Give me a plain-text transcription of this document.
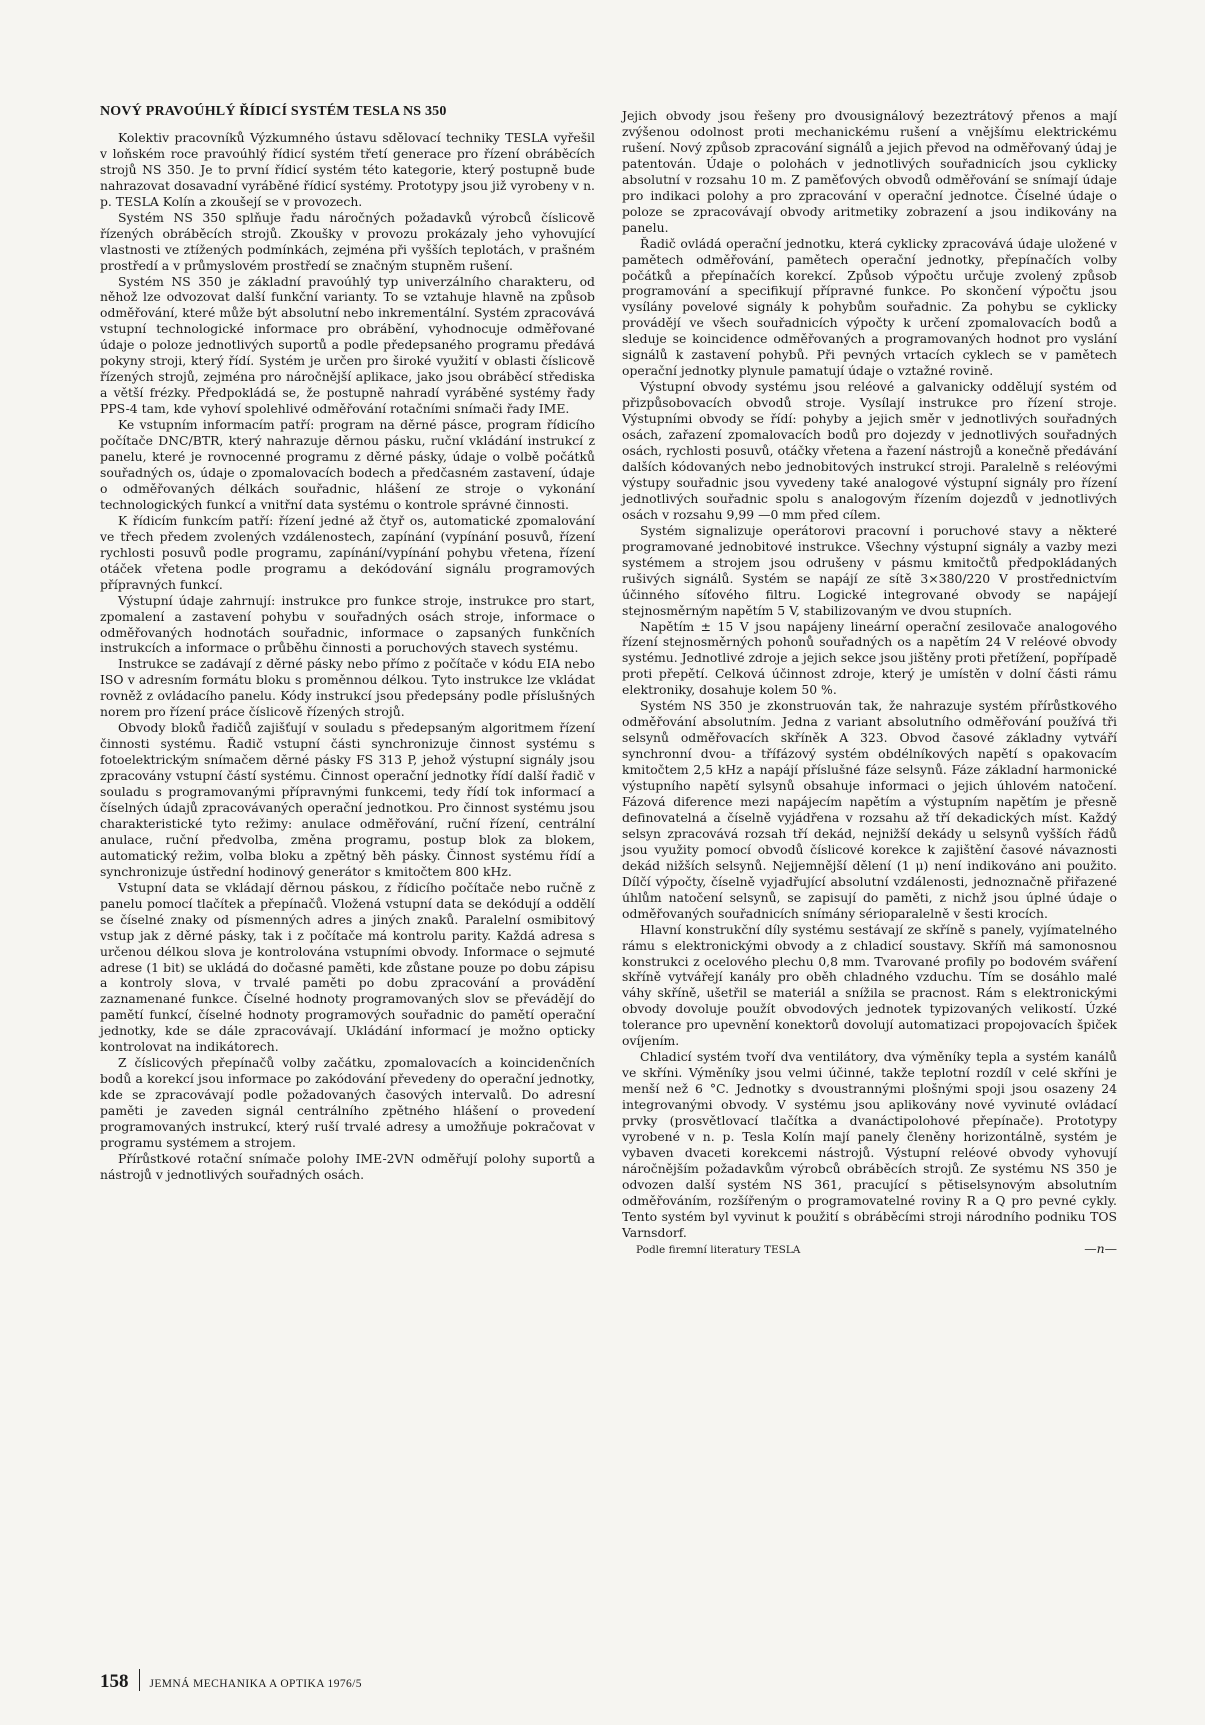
NOVÝ PRAVOÚHLÝ ŘÍDICÍ SYSTÉM TESLA NS 350

Kolektiv pracovníků Výzkumného ústavu sdělovací techniky TESLA vyřešil v loňském roce pravoúhlý řídicí systém třetí generace pro řízení obráběcích strojů NS 350. Je to první řídicí systém této kategorie, který postupně bude nahrazovat dosavadní vyráběné řídicí systémy. Prototypy jsou již vyrobeny v n. p. TESLA Kolín a zkoušejí se v provozech.

Systém NS 350 splňuje řadu náročných požadavků výrobců číslicově řízených obráběcích strojů. Zkoušky v provozu prokázaly jeho vyhovující vlastnosti ve ztížených podmínkách, zejména při vyšších teplotách, v prašném prostředí a v průmyslovém prostředí se značným stupněm rušení.

Systém NS 350 je základní pravoúhlý typ univerzálního charakteru, od něhož lze odvozovat další funkční varianty. To se vztahuje hlavně na způsob odměřování, které může být absolutní nebo inkrementální. Systém zpracovává vstupní technologické informace pro obrábění, vyhodnocuje odměřované údaje o poloze jednotlivých suportů a podle předepsaného programu předává pokyny stroji, který řídí. Systém je určen pro široké využití v oblasti číslicově řízených strojů, zejména pro náročnější aplikace, jako jsou obráběcí střediska a větší frézky. Předpokládá se, že postupně nahradí vyráběné systémy řady PPS-4 tam, kde vyhoví spolehlivé odměřování rotačními snímači řady IME.

Ke vstupním informacím patří: program na děrné pásce, program řídicího počítače DNC/BTR, který nahrazuje děrnou pásku, ruční vkládání instrukcí z panelu, které je rovnocenné programu z děrné pásky, údaje o volbě počátků souřadných os, údaje o zpomalovacích bodech a předčasném zastavení, údaje o odměřovaných délkách souřadnic, hlášení ze stroje o vykonání technologických funkcí a vnitřní data systému o kontrole správné činnosti.

K řídicím funkcím patří: řízení jedné až čtyř os, automatické zpomalování ve třech předem zvolených vzdálenostech, zapínání (vypínání posuvů, řízení rychlosti posuvů podle programu, zapínání/vypínání pohybu vřetena, řízení otáček vřetena podle programu a dekódování signálu programových přípravných funkcí.

Výstupní údaje zahrnují: instrukce pro funkce stroje, instrukce pro start, zpomalení a zastavení pohybu v souřadných osách stroje, informace o odměřovaných hodnotách souřadnic, informace o zapsaných funkčních instrukcích a informace o průběhu činnosti a poruchových stavech systému.

Instrukce se zadávají z děrné pásky nebo přímo z počítače v kódu EIA nebo ISO v adresním formátu bloku s proměnnou délkou. Tyto instrukce lze vkládat rovněž z ovládacího panelu. Kódy instrukcí jsou předepsány podle příslušných norem pro řízení práce číslicově řízených strojů.

Obvody bloků řadičů zajišťují v souladu s předepsaným algoritmem řízení činnosti systému. Řadič vstupní části synchronizuje činnost systému s fotoelektrickým snímačem děrné pásky FS 313 P, jehož výstupní signály jsou zpracovány vstupní částí systému. Činnost operační jednotky řídí další řadič v souladu s programovanými přípravnými funkcemi, tedy řídí tok informací a číselných údajů zpracovávaných operační jednotkou. Pro činnost systému jsou charakteristické tyto režimy: anulace odměřování, ruční řízení, centrální anulace, ruční předvolba, změna programu, postup blok za blokem, automatický režim, volba bloku a zpětný běh pásky. Činnost systému řídí a synchronizuje ústřední hodinový generátor s kmitočtem 800 kHz.

Vstupní data se vkládají děrnou páskou, z řídicího počítače nebo ručně z panelu pomocí tlačítek a přepínačů. Vložená vstupní data se dekódují a oddělí se číselné znaky od písmenných adres a jiných znaků. Paralelní osmibitový vstup jak z děrné pásky, tak i z počítače má kontrolu parity. Každá adresa s určenou délkou slova je kontrolována vstupními obvody. Informace o sejmuté adrese (1 bit) se ukládá do dočasné paměti, kde zůstane pouze po dobu zápisu a kontroly slova, v trvalé paměti po dobu zpracování a provádění zaznamenané funkce. Číselné hodnoty programovaných slov se převádějí do pamětí funkcí, číselné hodnoty programových souřadnic do pamětí operační jednotky, kde se dále zpracovávají. Ukládání informací je možno opticky kontrolovat na indikátorech.

Z číslicových přepínačů volby začátku, zpomalovacích a koincidenčních bodů a korekcí jsou informace po zakódování převedeny do operační jednotky, kde se zpracovávají podle požadovaných časových intervalů. Do adresní paměti je zaveden signál centrálního zpětného hlášení o provedení programovaných instrukcí, který ruší trvalé adresy a umožňuje pokračovat v programu systémem a strojem.

Přírůstkové rotační snímače polohy IME-2VN odměřují polohy suportů a nástrojů v jednotlivých souřadných osách.

Jejich obvody jsou řešeny pro dvousignálový bezeztrátový přenos a mají zvýšenou odolnost proti mechanickému rušení a vnějšímu elektrickému rušení. Nový způsob zpracování signálů a jejich převod na odměřovaný údaj je patentován. Údaje o polohách v jednotlivých souřadnicích jsou cyklicky absolutní v rozsahu 10 m. Z paměťových obvodů odměřování se snímají údaje pro indikaci polohy a pro zpracování v operační jednotce. Číselné údaje o poloze se zpracovávají obvody aritmetiky zobrazení a jsou indikovány na panelu.

Řadič ovládá operační jednotku, která cyklicky zpracovává údaje uložené v pamětech odměřování, pamětech operační jednotky, přepínačích volby počátků a přepínačích korekcí. Způsob výpočtu určuje zvolený způsob programování a specifikují přípravné funkce. Po skončení výpočtu jsou vysílány povelové signály k pohybům souřadnic. Za pohybu se cyklicky provádějí ve všech souřadnicích výpočty k určení zpomalovacích bodů a sleduje se koincidence odměřovaných a programovaných hodnot pro vyslání signálů k zastavení pohybů. Při pevných vrtacích cyklech se v pamětech operační jednotky plynule pamatují údaje o vztažné rovině.

Výstupní obvody systému jsou reléové a galvanicky oddělují systém od přizpůsobovacích obvodů stroje. Vysílají instrukce pro řízení stroje. Výstupními obvody se řídí: pohyby a jejich směr v jednotlivých souřadných osách, zařazení zpomalovacích bodů pro dojezdy v jednotlivých souřadných osách, rychlosti posuvů, otáčky vřetena a řazení nástrojů a konečně předávání dalších kódovaných nebo jednobitových instrukcí stroji. Paralelně s reléovými výstupy souřadnic jsou vyvedeny také analogové výstupní signály pro řízení jednotlivých souřadnic spolu s analogovým řízením dojezdů v jednotlivých osách v rozsahu 9,99 —0 mm před cílem.

Systém signalizuje operátorovi pracovní i poruchové stavy a některé programované jednobitové instrukce. Všechny výstupní signály a vazby mezi systémem a strojem jsou odrušeny v pásmu kmitočtů předpokládaných rušivých signálů. Systém se napájí ze sítě 3×380/220 V prostřednictvím účinného síťového filtru. Logické integrované obvody se napájejí stejnosměrným napětím 5 V, stabilizovaným ve dvou stupních.

Napětím ± 15 V jsou napájeny lineární operační zesilovače analogového řízení stejnosměrných pohonů souřadných os a napětím 24 V reléové obvody systému. Jednotlivé zdroje a jejich sekce jsou jištěny proti přetížení, popřípadě proti přepětí. Celková účinnost zdroje, který je umístěn v dolní části rámu elektroniky, dosahuje kolem 50 %.

Systém NS 350 je zkonstruován tak, že nahrazuje systém přírůstkového odměřování absolutním. Jedna z variant absolutního odměřování používá tři selsynů odměřovacích skříněk A 323. Obvod časové základny vytváří synchronní dvou- a třífázový systém obdélníkových napětí s opakovacím kmitočtem 2,5 kHz a napájí příslušné fáze selsynů. Fáze základní harmonické výstupního napětí sylsynů obsahuje informaci o jejich úhlovém natočení. Fázová diference mezi napájecím napětím a výstupním napětím je přesně definovatelná a číselně vyjádřena v rozsahu až tří dekadických míst. Každý selsyn zpracovává rozsah tří dekád, nejnižší dekády u selsynů vyšších řádů jsou využity pomocí obvodů číslicové korekce k zajištění časové návaznosti dekád nižších selsynů. Nejjemnější dělení (1 μ) není indikováno ani použito. Dílčí výpočty, číselně vyjadřující absolutní vzdálenosti, jednoznačně přiřazené úhlům natočení selsynů, se zapisují do paměti, z nichž jsou úplné údaje o odměřovaných souřadnicích snímány sérioparalelně v šesti krocích.

Hlavní konstrukční díly systému sestávají ze skříně s panely, vyjímatelného rámu s elektronickými obvody a z chladicí soustavy. Skříň má samonosnou konstrukci z ocelového plechu 0,8 mm. Tvarované profily po bodovém sváření skříně vytvářejí kanály pro oběh chladného vzduchu. Tím se dosáhlo malé váhy skříně, ušetřil se materiál a snížila se pracnost. Rám s elektronickými obvody dovoluje použít obvodových jednotek typizovaných velikostí. Úzké tolerance pro upevnění konektorů dovolují automatizaci propojovacích špiček ovíjením.

Chladicí systém tvoří dva ventilátory, dva výměníky tepla a systém kanálů ve skříni. Výměníky jsou velmi účinné, takže teplotní rozdíl v celé skříni je menší než 6 °C. Jednotky s dvoustrannými plošnými spoji jsou osazeny 24 integrovanými obvody. V systému jsou aplikovány nové vyvinuté ovládací prvky (prosvětlovací tlačítka a dvanáctipolohové přepínače). Prototypy vyrobené v n. p. Tesla Kolín mají panely členěny horizontálně, systém je vybaven dvaceti korekcemi nástrojů. Výstupní reléové obvody vyhovují náročnějším požadavkům výrobců obráběcích strojů. Ze systému NS 350 je odvozen další systém NS 361, pracující s pětiselsynovým absolutním odměřováním, rozšířeným o programovatelné roviny R a Q pro pevné cykly. Tento systém byl vyvinut k použití s obráběcími stroji národního podniku TOS Varnsdorf.

Podle firemní literatury TESLA	—n—
158 JEMNÁ MECHANIKA A OPTIKA 1976/5
